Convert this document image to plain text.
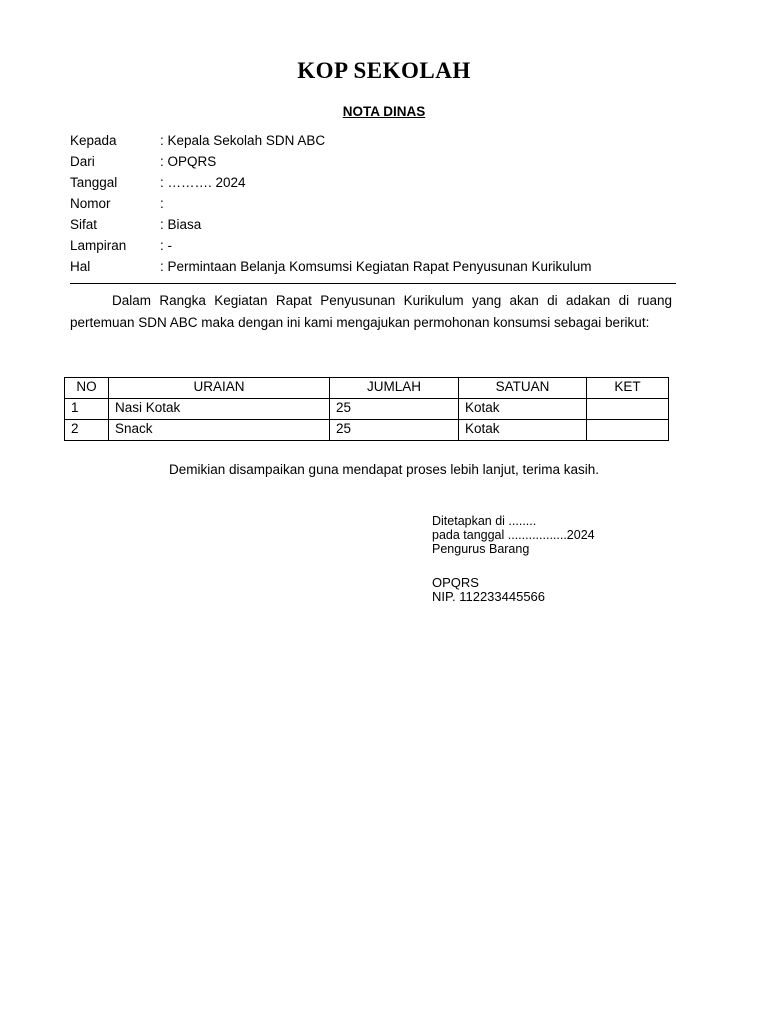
KOP SEKOLAH
NOTA DINAS
Kepada	: Kepala Sekolah SDN ABC
Dari	: OPQRS
Tanggal	: ………. 2024
Nomor	:
Sifat	: Biasa
Lampiran : -
Hal	: Permintaan Belanja Komsumsi Kegiatan Rapat Penyusunan Kurikulum
Dalam Rangka Kegiatan Rapat Penyusunan Kurikulum yang akan di adakan di ruang pertemuan SDN ABC maka dengan ini kami mengajukan permohonan konsumsi sebagai berikut:
NO	URAIAN	JUMLAH	SATUAN	KET
1	Nasi Kotak	25	Kotak	
2	Snack	25	Kotak	
Demikian disampaikan guna mendapat proses lebih lanjut, terima kasih.
Ditetapkan di ........
pada tanggal .................2024
Pengurus Barang
OPQRS
NIP. 112233445566
